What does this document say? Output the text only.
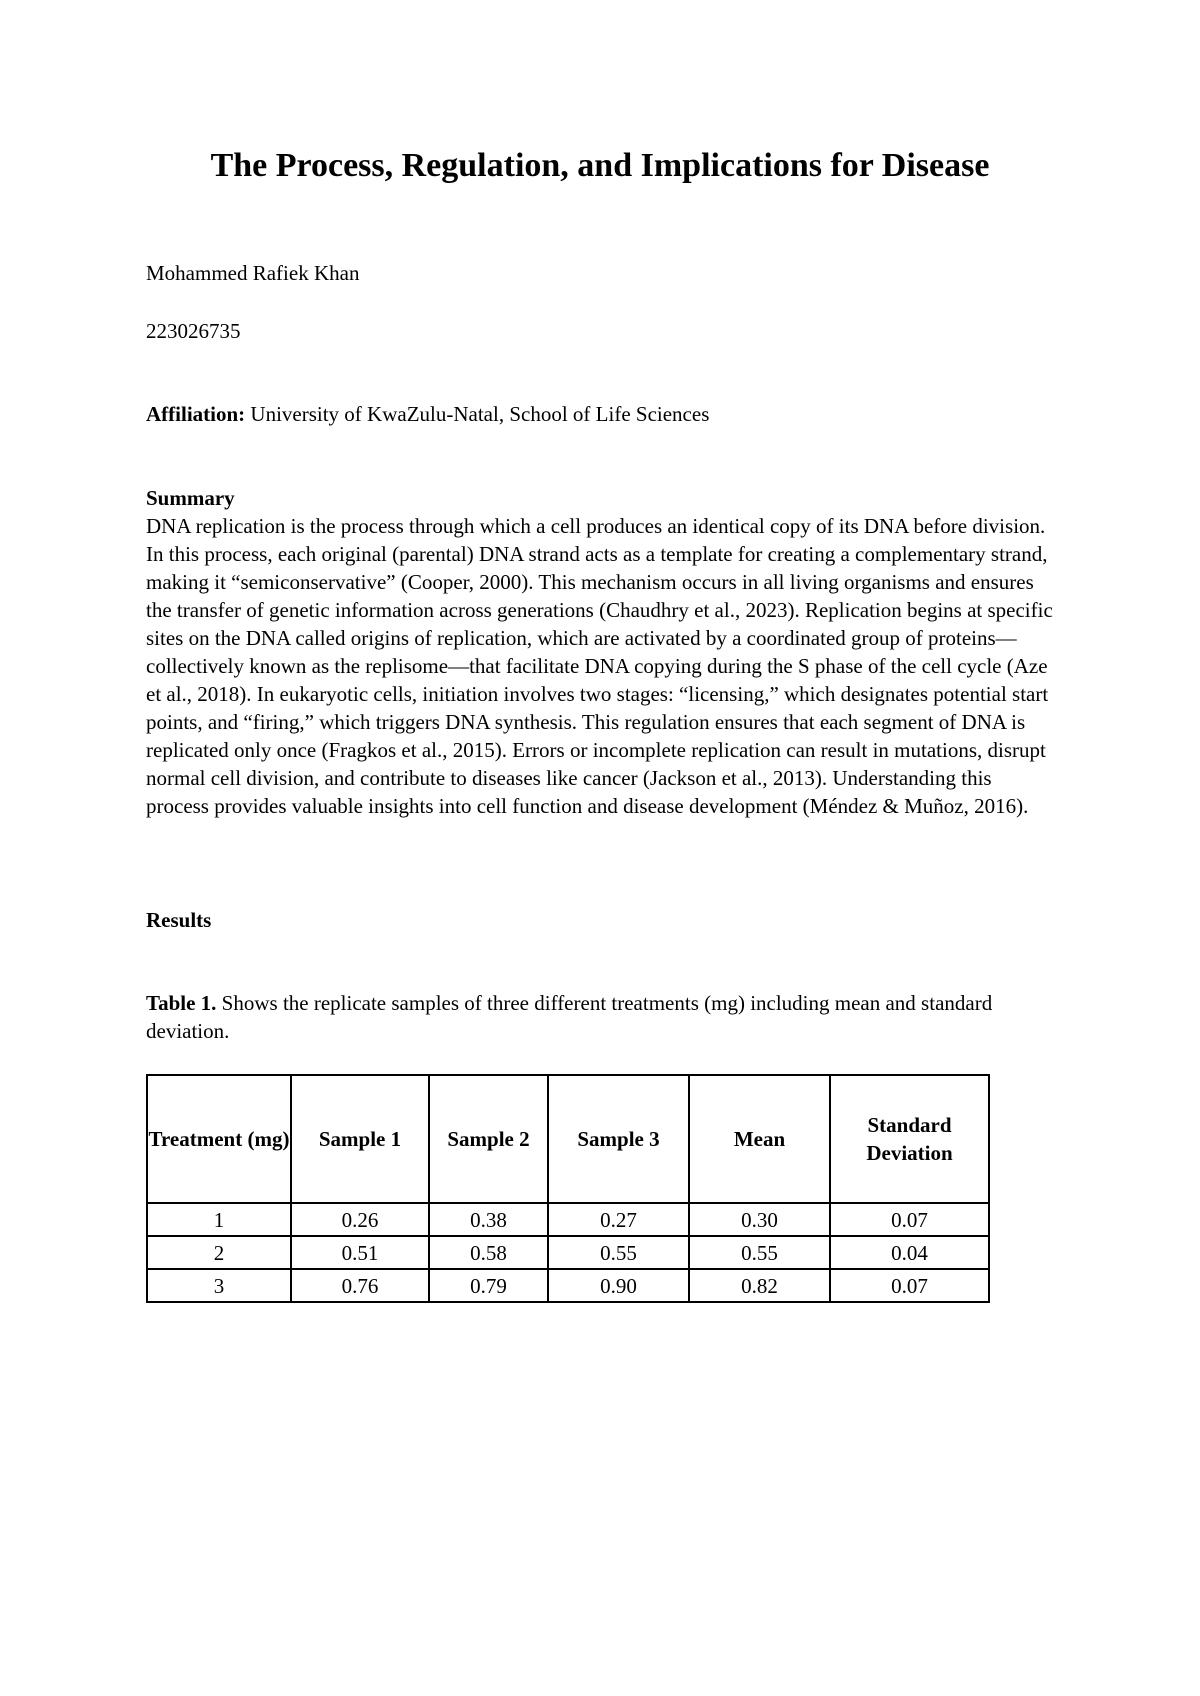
The Process, Regulation, and Implications for Disease

Mohammed Rafiek Khan

223026735

Affiliation: University of KwaZulu-Natal, School of Life Sciences

Summary

DNA replication is the process through which a cell produces an identical copy of its DNA before division. In this process, each original (parental) DNA strand acts as a template for creating a complementary strand, making it “semiconservative” (Cooper, 2000). This mechanism occurs in all living organisms and ensures the transfer of genetic information across generations (Chaudhry et al., 2023). Replication begins at specific sites on the DNA called origins of replication, which are activated by a coordinated group of proteins—collectively known as the replisome—that facilitate DNA copying during the S phase of the cell cycle (Aze et al., 2018). In eukaryotic cells, initiation involves two stages: “licensing,” which designates potential start points, and “firing,” which triggers DNA synthesis. This regulation ensures that each segment of DNA is replicated only once (Fragkos et al., 2015). Errors or incomplete replication can result in mutations, disrupt normal cell division, and contribute to diseases like cancer (Jackson et al., 2013). Understanding this process provides valuable insights into cell function and disease development (Méndez & Muñoz, 2016).

Results

Table 1. Shows the replicate samples of three different treatments (mg) including mean and standard deviation.

Treatment (mg)	Sample 1	Sample 2	Sample 3	Mean	Standard Deviation
1	0.26	0.38	0.27	0.30	0.07
2	0.51	0.58	0.55	0.55	0.04
3	0.76	0.79	0.90	0.82	0.07
